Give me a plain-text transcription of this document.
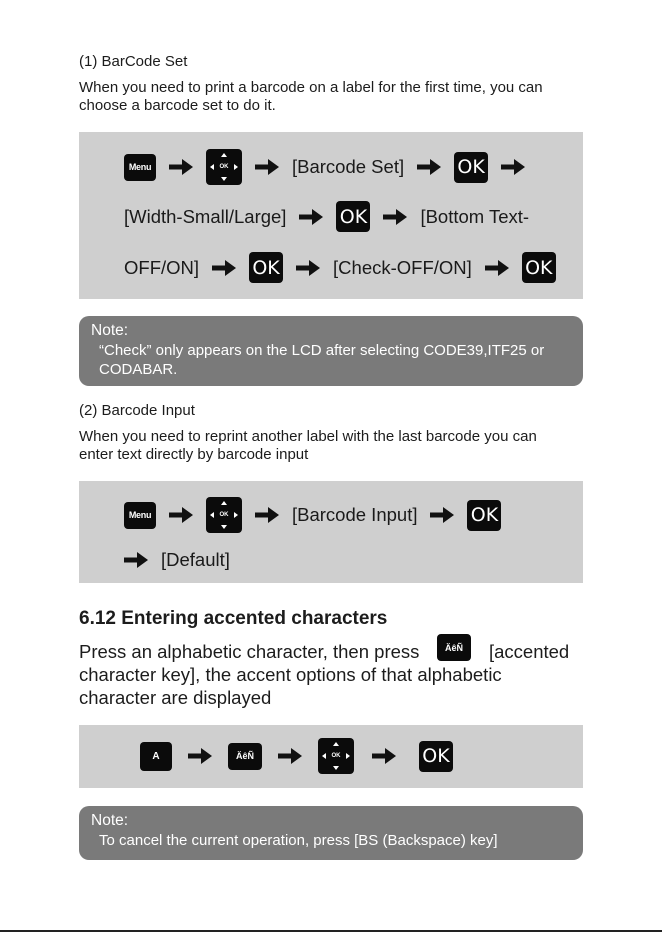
(1) BarCode Set

When you need to print a barcode on a label for the first time, you can

choose a barcode set to do it.

Menu	OK	[Barcode Set]	OK
[Width-Small/Large]	OK	[Bottom Text-
OFF/ON]	OK	[Check-OFF/ON]	OK
Note:
“Check” only appears on the LCD after selecting CODE39,ITF25 or
CODABAR.

(2) Barcode Input

When you need to reprint another label with the last barcode you can

enter text directly by barcode input

Menu	OK	[Barcode Input]	OK
[Default]
6.12 Entering accented characters
Press an alphabetic character, then press	ÄêÑ	[accented
character key], the accent options of that alphabetic
character are displayed
A	ÄêÑ	OK	OK
Note:
To cancel the current operation, press [BS (Backspace) key]
